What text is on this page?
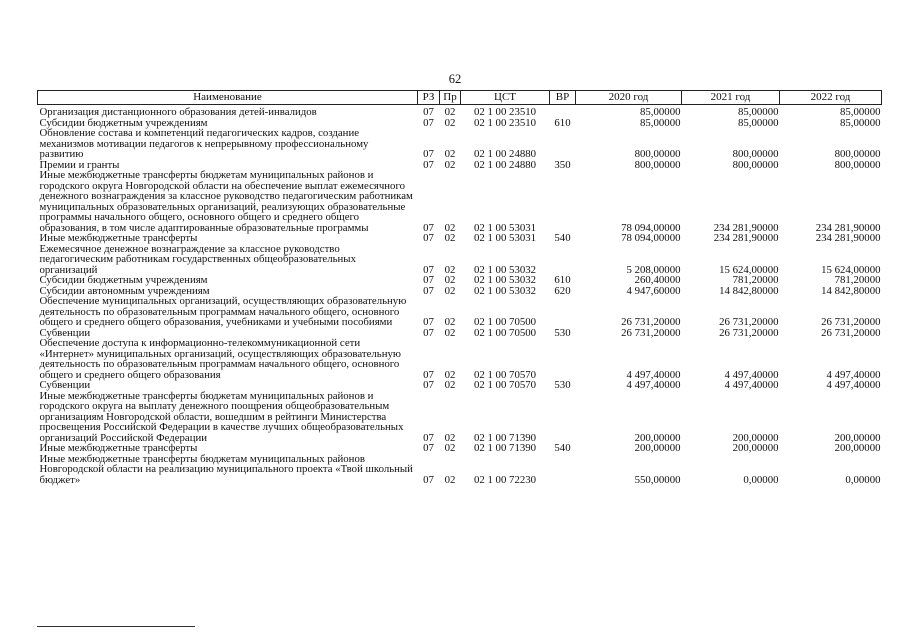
62
Наименование	РЗ	Пр	ЦСТ	ВР	2020 год	2021 год	2022 год
Организация дистанционного образования детей-инвалидов	07	02	02 1 00 23510		85,00000	85,00000	85,00000
Субсидии бюджетным учреждениям	07	02	02 1 00 23510	610	85,00000	85,00000	85,00000
Обновление состава и компетенций педагогических кадров, создание механизмов мотивации педагогов к непрерывному профессиональному развитию	07	02	02 1 00 24880		800,00000	800,00000	800,00000
Премии и гранты	07	02	02 1 00 24880	350	800,00000	800,00000	800,00000
Иные межбюджетные трансферты бюджетам муниципальных районов и городского округа Новгородской области на обеспечение выплат ежемесячного денежного вознаграждения за классное руководство педагогическим работникам муниципальных образовательных организаций, реализующих образовательные программы начального общего, основного общего и среднего общего образования, в том числе адаптированные образовательные программы	07	02	02 1 00 53031		78 094,00000	234 281,90000	234 281,90000
Иные межбюджетные трансферты	07	02	02 1 00 53031	540	78 094,00000	234 281,90000	234 281,90000
Ежемесячное денежное вознаграждение за классное руководство педагогическим работникам государственных общеобразовательных организаций	07	02	02 1 00 53032		5 208,00000	15 624,00000	15 624,00000
Субсидии бюджетным учреждениям	07	02	02 1 00 53032	610	260,40000	781,20000	781,20000
Субсидии автономным учреждениям	07	02	02 1 00 53032	620	4 947,60000	14 842,80000	14 842,80000
Обеспечение муниципальных организаций, осуществляющих образовательную деятельность по образовательным программам начального общего, основного общего и среднего общего образования, учебниками и учебными пособиями	07	02	02 1 00 70500		26 731,20000	26 731,20000	26 731,20000
Субвенции	07	02	02 1 00 70500	530	26 731,20000	26 731,20000	26 731,20000
Обеспечение доступа к информационно-телекоммуникационной сети «Интернет» муниципальных организаций, осуществляющих образовательную деятельность по образовательным программам начального общего, основного общего и среднего общего образования	07	02	02 1 00 70570		4 497,40000	4 497,40000	4 497,40000
Субвенции	07	02	02 1 00 70570	530	4 497,40000	4 497,40000	4 497,40000
Иные межбюджетные трансферты бюджетам муниципальных районов и городского округа на выплату денежного поощрения общеобразовательным организациям Новгородской области, вошедшим в рейтинги Министерства просвещения Российской Федерации в качестве лучших общеобразовательных организаций Российской Федерации	07	02	02 1 00 71390		200,00000	200,00000	200,00000
Иные межбюджетные трансферты	07	02	02 1 00 71390	540	200,00000	200,00000	200,00000
Иные межбюджетные трансферты бюджетам муниципальных районов Новгородской области на реализацию муниципального проекта «Твой школьный бюджет»	07	02	02 1 00 72230		550,00000	0,00000	0,00000
